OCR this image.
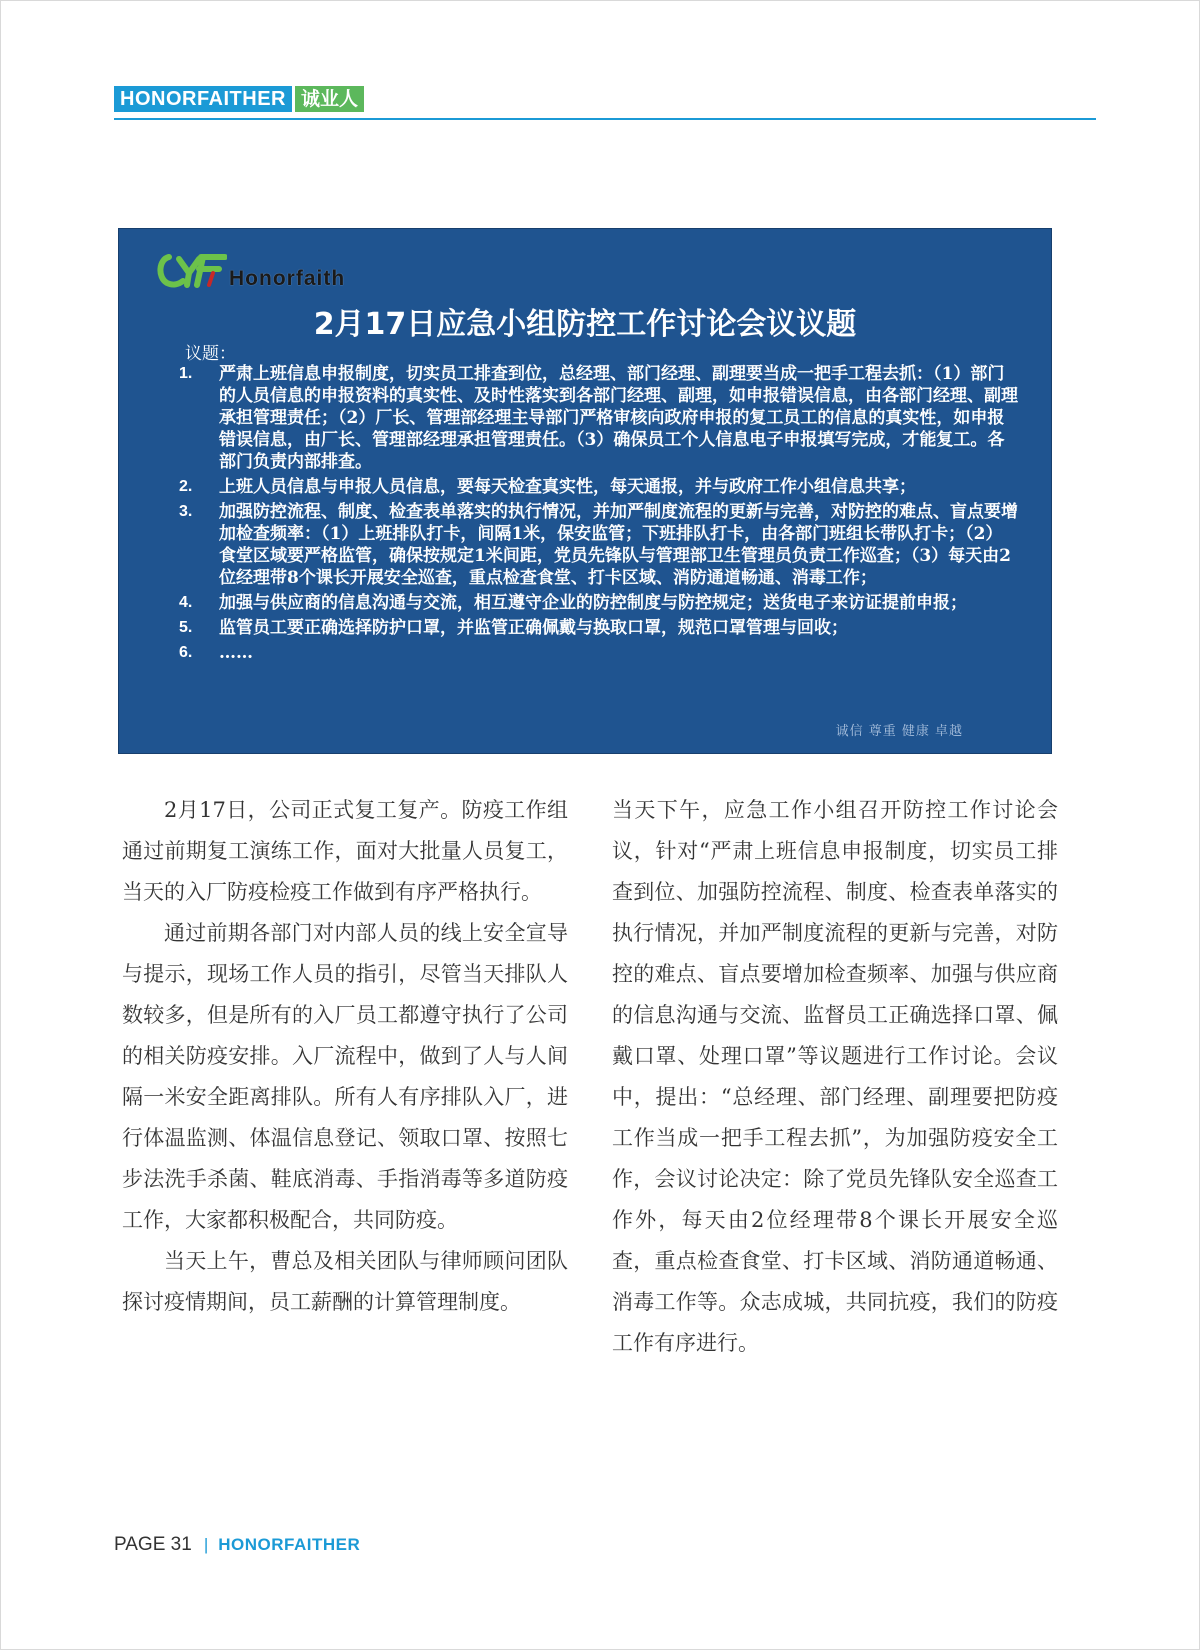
HONORFAITHER 诚业人
Honorfaith
2月17日应急小组防控工作讨论会议议题
议题：
1. 严肃上班信息申报制度，切实员工排查到位，总经理、部门经理、副理要当成一把手工程去抓：（1）部门的人员信息的申报资料的真实性、及时性落实到各部门经理、副理，如申报错误信息，由各部门经理、副理承担管理责任；（2）厂长、管理部经理主导部门严格审核向政府申报的复工员工的信息的真实性，如申报错误信息，由厂长、管理部经理承担管理责任。（3）确保员工个人信息电子申报填写完成，才能复工。各部门负责内部排查。
2. 上班人员信息与申报人员信息，要每天检查真实性，每天通报，并与政府工作小组信息共享；
3. 加强防控流程、制度、检查表单落实的执行情况，并加严制度流程的更新与完善，对防控的难点、盲点要增加检查频率：（1）上班排队打卡，间隔1米，保安监管；下班排队打卡，由各部门班组长带队打卡；（2）食堂区域要严格监管，确保按规定1米间距，党员先锋队与管理部卫生管理员负责工作巡查；（3）每天由2位经理带8个课长开展安全巡查，重点检查食堂、打卡区域、消防通道畅通、消毒工作；
4. 加强与供应商的信息沟通与交流，相互遵守企业的防控制度与防控规定；送货电子来访证提前申报；
5. 监管员工要正确选择防护口罩，并监管正确佩戴与换取口罩，规范口罩管理与回收；
6. ……
诚信 尊重 健康 卓越

2月17日，公司正式复工复产。防疫工作组通过前期复工演练工作，面对大批量人员复工，当天的入厂防疫检疫工作做到有序严格执行。

通过前期各部门对内部人员的线上安全宣导与提示，现场工作人员的指引，尽管当天排队人数较多，但是所有的入厂员工都遵守执行了公司的相关防疫安排。入厂流程中，做到了人与人间隔一米安全距离排队。所有人有序排队入厂，进行体温监测、体温信息登记、领取口罩、按照七步法洗手杀菌、鞋底消毒、手指消毒等多道防疫工作，大家都积极配合，共同防疫。

当天上午，曹总及相关团队与律师顾问团队探讨疫情期间，员工薪酬的计算管理制度。

当天下午，应急工作小组召开防控工作讨论会议，针对“严肃上班信息申报制度，切实员工排查到位、加强防控流程、制度、检查表单落实的执行情况，并加严制度流程的更新与完善，对防控的难点、盲点要增加检查频率、加强与供应商的信息沟通与交流、监督员工正确选择口罩、佩戴口罩、处理口罩”等议题进行工作讨论。会议中，提出：“总经理、部门经理、副理要把防疫工作当成一把手工程去抓”，为加强防疫安全工作，会议讨论决定：除了党员先锋队安全巡查工作外，每天由2位经理带8个课长开展安全巡查，重点检查食堂、打卡区域、消防通道畅通、消毒工作等。众志成城，共同抗疫，我们的防疫工作有序进行。

PAGE 31 | HONORFAITHER
